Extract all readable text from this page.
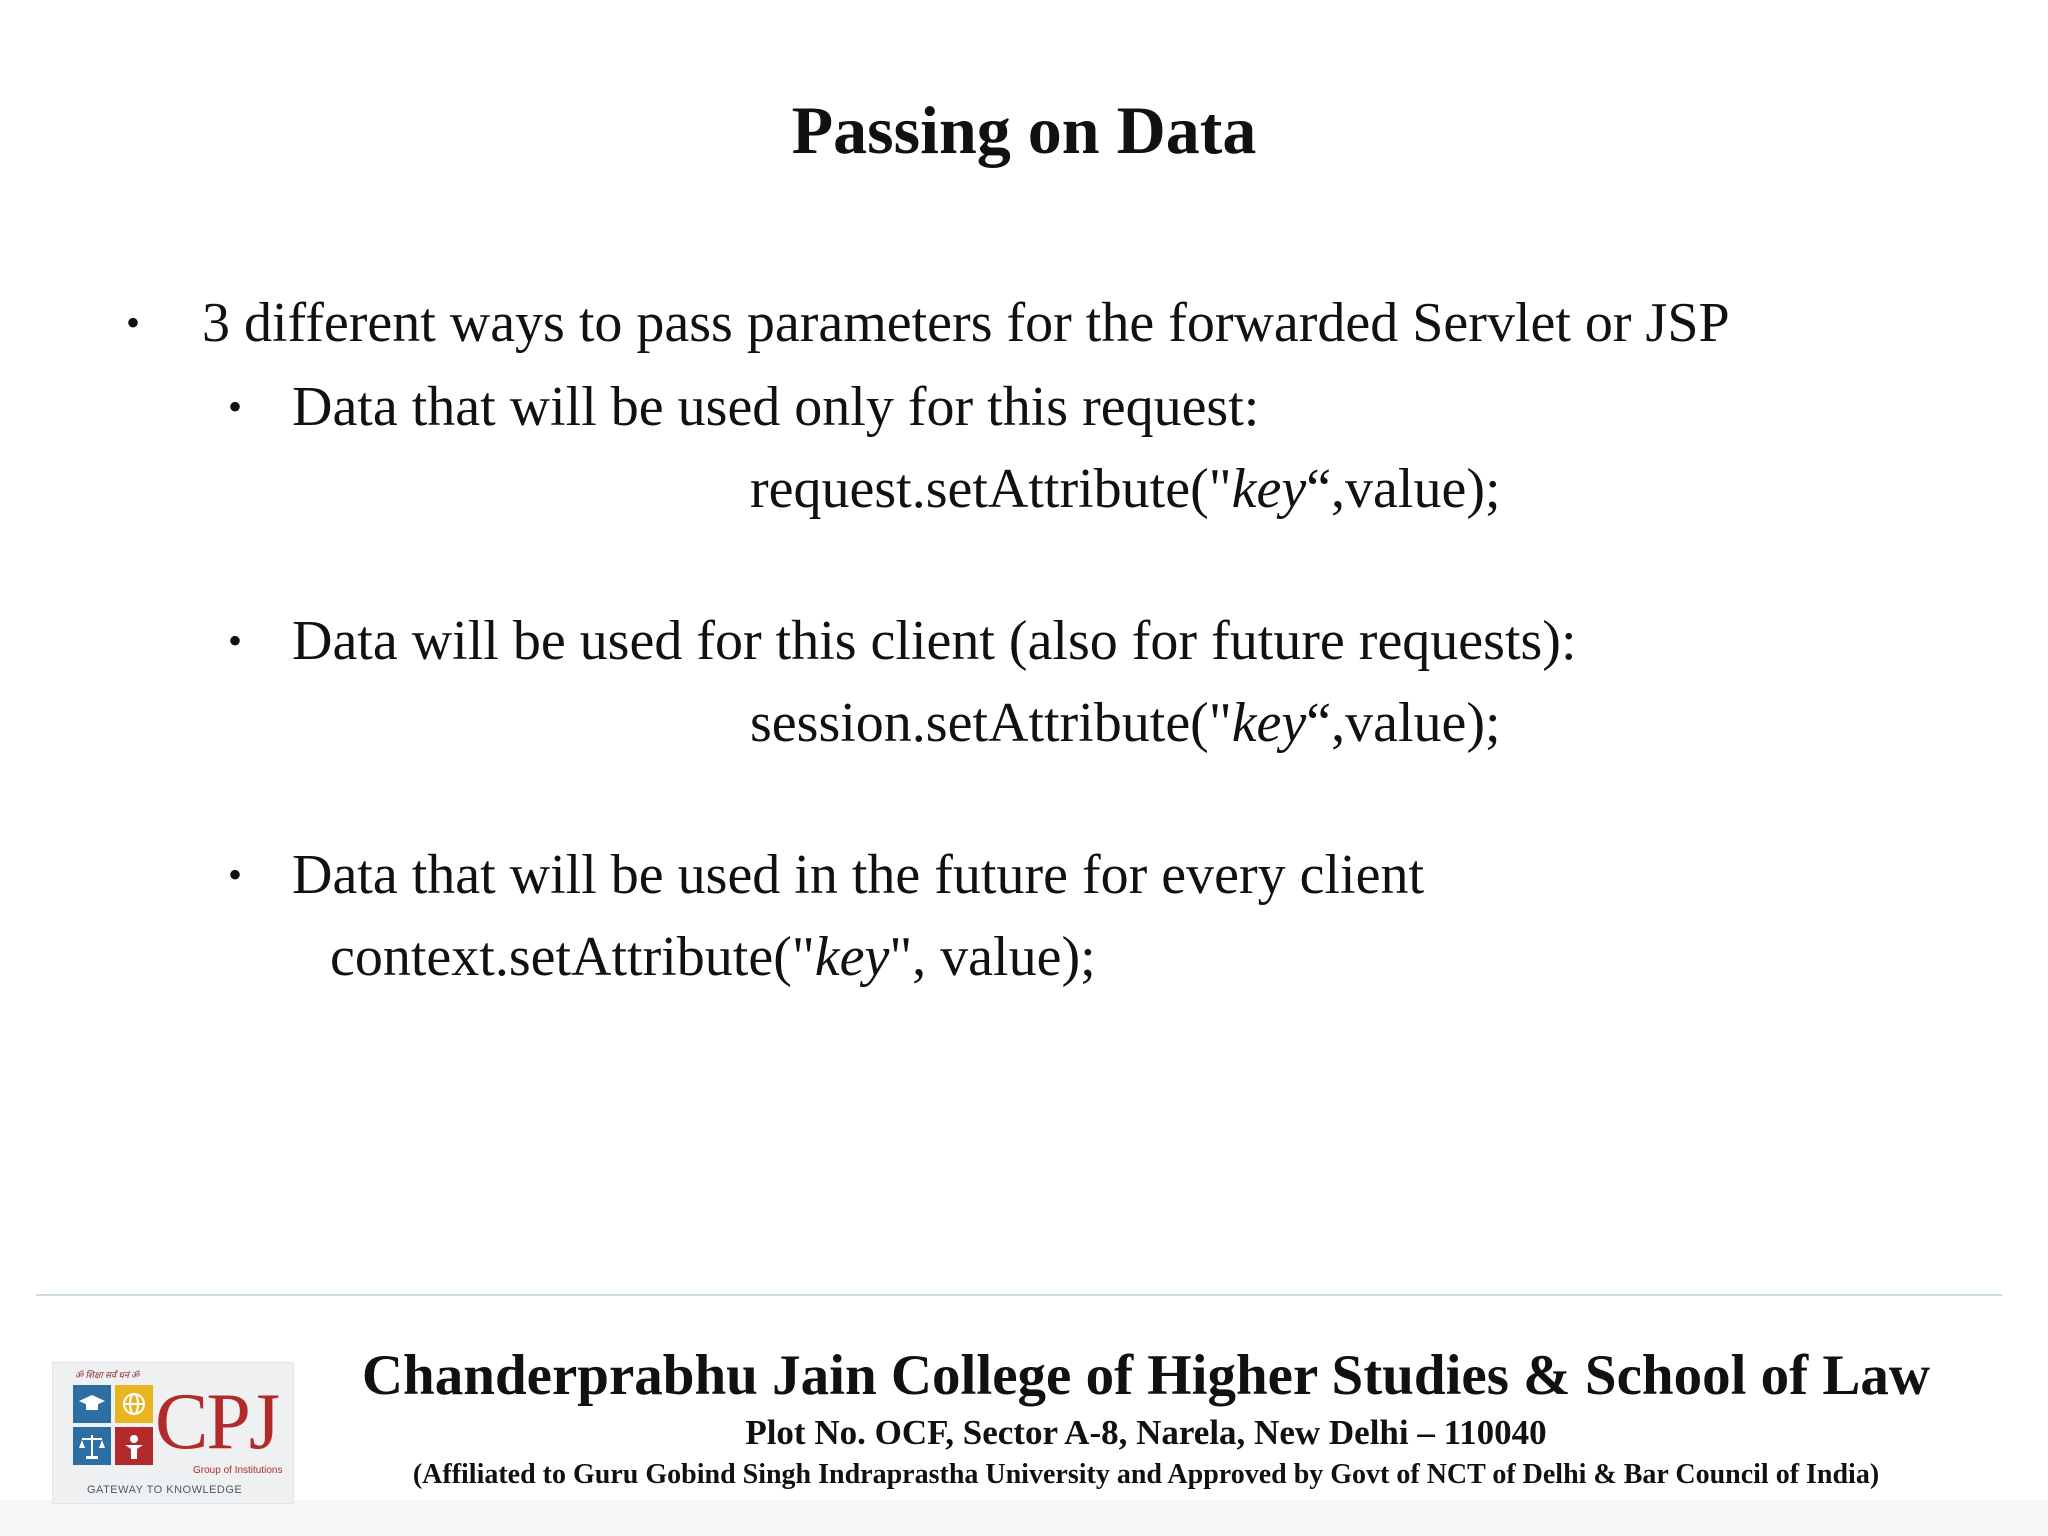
Passing on Data
• 3 different ways to pass parameters for the forwarded Servlet or JSP
• Data that will be used only for this request:
request.setAttribute("key“,value);
• Data will be used for this client (also for future requests):
session.setAttribute("key“,value);
• Data that will be used in the future for every client
context.setAttribute("key", value);
ॐ शिक्षा सर्वं धनं ॐ
CPJ
Group of Institutions
GATEWAY TO KNOWLEDGE
Chanderprabhu Jain College of Higher Studies & School of Law
Plot No. OCF, Sector A-8, Narela, New Delhi – 110040
(Affiliated to Guru Gobind Singh Indraprastha University and Approved by Govt of NCT of Delhi & Bar Council of India)
